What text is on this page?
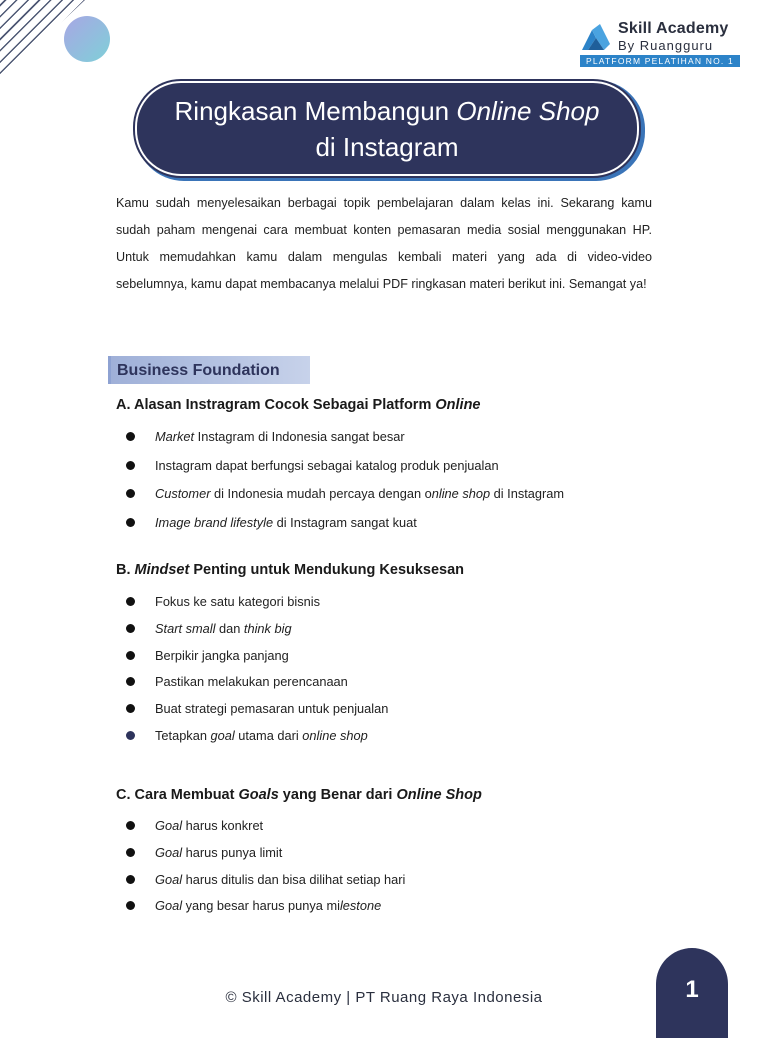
Skill Academy
By Ruangguru
PLATFORM PELATIHAN NO. 1
Ringkasan Membangun Online Shop
di Instagram
Kamu sudah menyelesaikan berbagai topik pembelajaran dalam kelas ini. Sekarang kamu sudah paham mengenai cara membuat konten pemasaran media sosial menggunakan HP. Untuk memudahkan kamu dalam mengulas kembali materi yang ada di video-video sebelumnya, kamu dapat membacanya melalui PDF ringkasan materi berikut ini. Semangat ya!
Business Foundation
A. Alasan Instragram Cocok Sebagai Platform Online
Market Instagram di Indonesia sangat besar
Instagram dapat berfungsi sebagai katalog produk penjualan
Customer di Indonesia mudah percaya dengan online shop di Instagram
Image brand lifestyle di Instagram sangat kuat
B. Mindset Penting untuk Mendukung Kesuksesan
Fokus ke satu kategori bisnis
Start small dan think big
Berpikir jangka panjang
Pastikan melakukan perencanaan
Buat strategi pemasaran untuk penjualan
Tetapkan goal utama dari online shop
C. Cara Membuat Goals yang Benar dari Online Shop
Goal harus konkret
Goal harus punya limit
Goal harus ditulis dan bisa dilihat setiap hari
Goal yang besar harus punya milestone
1
© Skill Academy | PT Ruang Raya Indonesia
